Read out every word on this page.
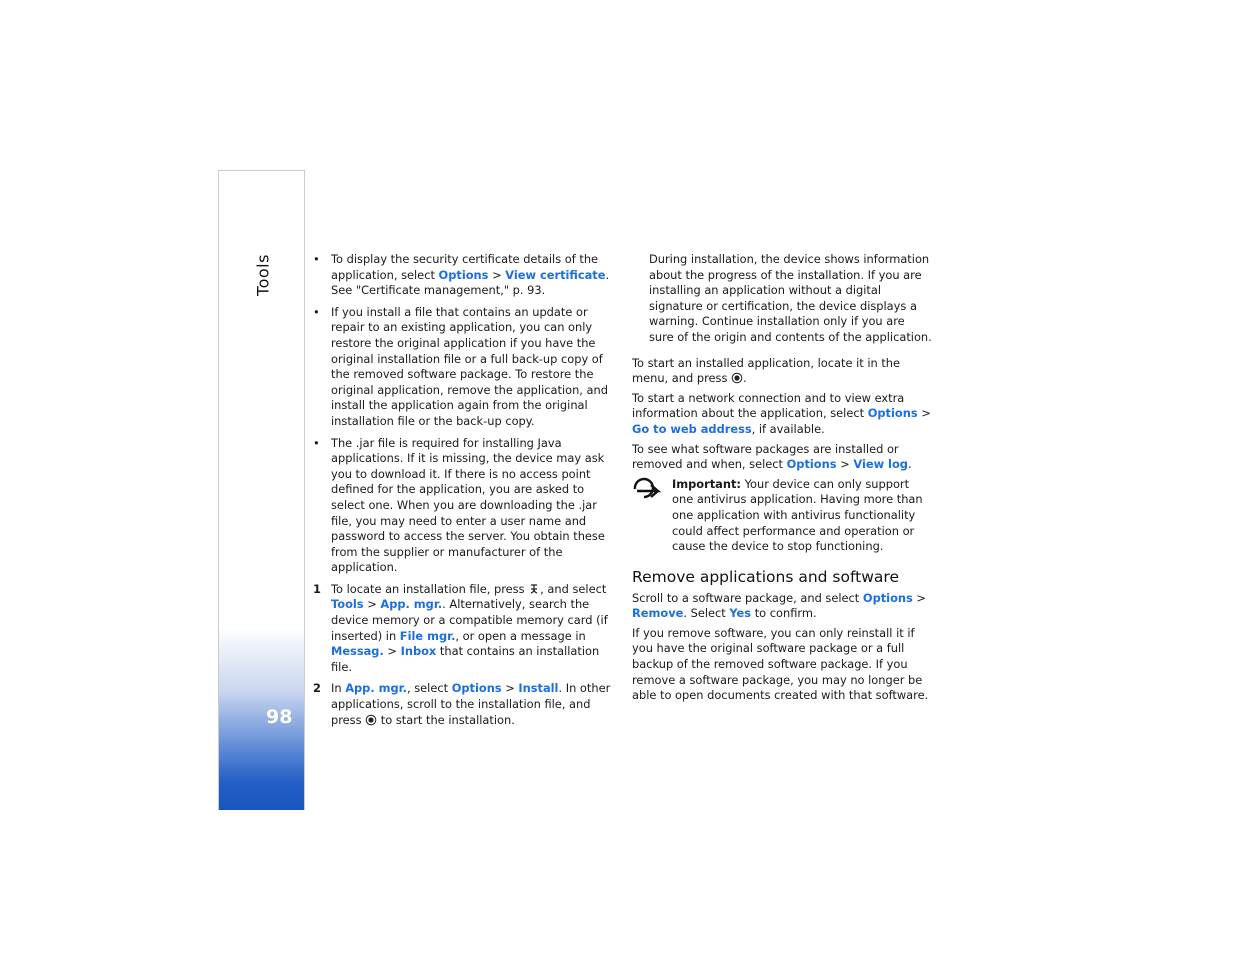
Tools
98
• To display the security certificate details of the application, select Options > View certificate. See "Certificate management," p. 93.
• If you install a file that contains an update or repair to an existing application, you can only restore the original application if you have the original installation file or a full back-up copy of the removed software package. To restore the original application, remove the application, and install the application again from the original installation file or the back-up copy.
• The .jar file is required for installing Java applications. If it is missing, the device may ask you to download it. If there is no access point defined for the application, you are asked to select one. When you are downloading the .jar file, you may need to enter a user name and password to access the server. You obtain these from the supplier or manufacturer of the application.
1 To locate an installation file, press , and select Tools > App. mgr.. Alternatively, search the device memory or a compatible memory card (if inserted) in File mgr., or open a message in Messag. > Inbox that contains an installation file.
2 In App. mgr., select Options > Install. In other applications, scroll to the installation file, and press  to start the installation.

During installation, the device shows information about the progress of the installation. If you are installing an application without a digital signature or certification, the device displays a warning. Continue installation only if you are sure of the origin and contents of the application.

To start an installed application, locate it in the menu, and press .

To start a network connection and to view extra information about the application, select Options > Go to web address, if available.

To see what software packages are installed or removed and when, select Options > View log.

Important: Your device can only support one antivirus application. Having more than one application with antivirus functionality could affect performance and operation or cause the device to stop functioning.
Remove applications and software

Scroll to a software package, and select Options > Remove. Select Yes to confirm.

If you remove software, you can only reinstall it if you have the original software package or a full backup of the removed software package. If you remove a software package, you may no longer be able to open documents created with that software.
